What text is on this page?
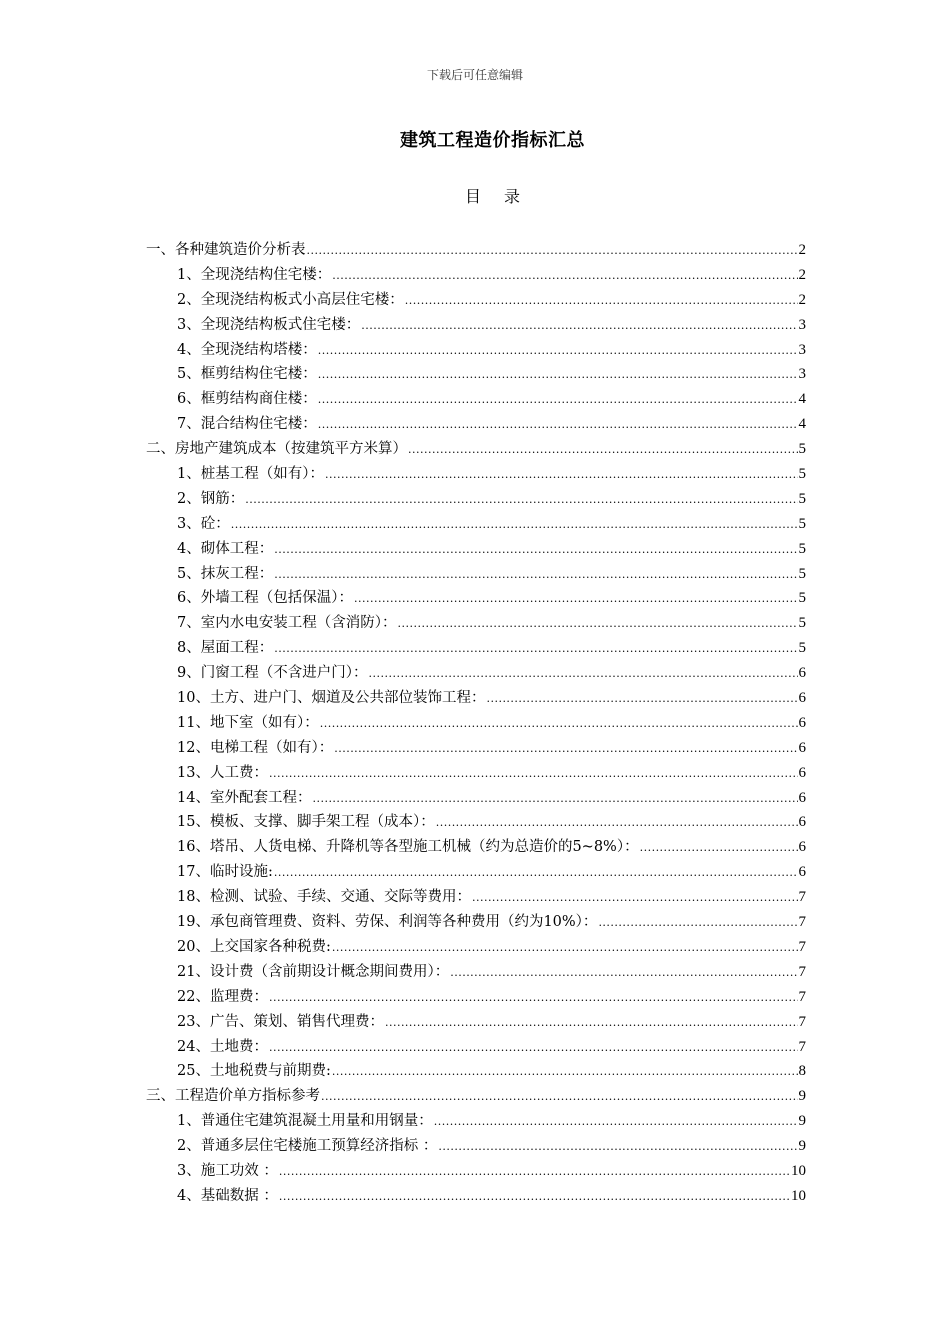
下载后可任意编辑
建筑工程造价指标汇总
目 录
一、各种建筑造价分析表 .....	2
1、全现浇结构住宅楼： .....	2
2、全现浇结构板式小高层住宅楼： .....	2
3、全现浇结构板式住宅楼： .....	3
4、全现浇结构塔楼： .....	3
5、框剪结构住宅楼： .....	3
6、框剪结构商住楼： .....	4
7、混合结构住宅楼： .....	4
二、房地产建筑成本（按建筑平方米算） .....	5
1、桩基工程（如有）： .....	5
2、钢筋： .....	5
3、砼： .....	5
4、砌体工程： .....	5
5、抹灰工程： .....	5
6、外墙工程（包括保温）： .....	5
7、室内水电安装工程（含消防）： .....	5
8、屋面工程： .....	5
9、门窗工程（不含进户门）： .....	6
10、土方、进户门、烟道及公共部位装饰工程： .....	6
11、地下室（如有）： .....	6
12、电梯工程（如有）： .....	6
13、人工费： .....	6
14、室外配套工程： .....	6
15、模板、支撑、脚手架工程（成本）： .....	6
16、塔吊、人货电梯、升降机等各型施工机械（约为总造价的5~8%）： .....	6
17、临时设施: .....	6
18、检测、试验、手续、交通、交际等费用： .....	7
19、承包商管理费、资料、劳保、利润等各种费用（约为10%）： .....	7
20、上交国家各种税费: .....	7
21、设计费（含前期设计概念期间费用）： .....	7
22、监理费： .....	7
23、广告、策划、销售代理费： .....	7
24、土地费： .....	7
25、土地税费与前期费: .....	8
三、工程造价单方指标参考 .....	9
1、普通住宅建筑混凝土用量和用钢量： .....	9
2、普通多层住宅楼施工预算经济指标 ： .....	9
3、施工功效 ： .....	10
4、基础数据 ： .....	10
